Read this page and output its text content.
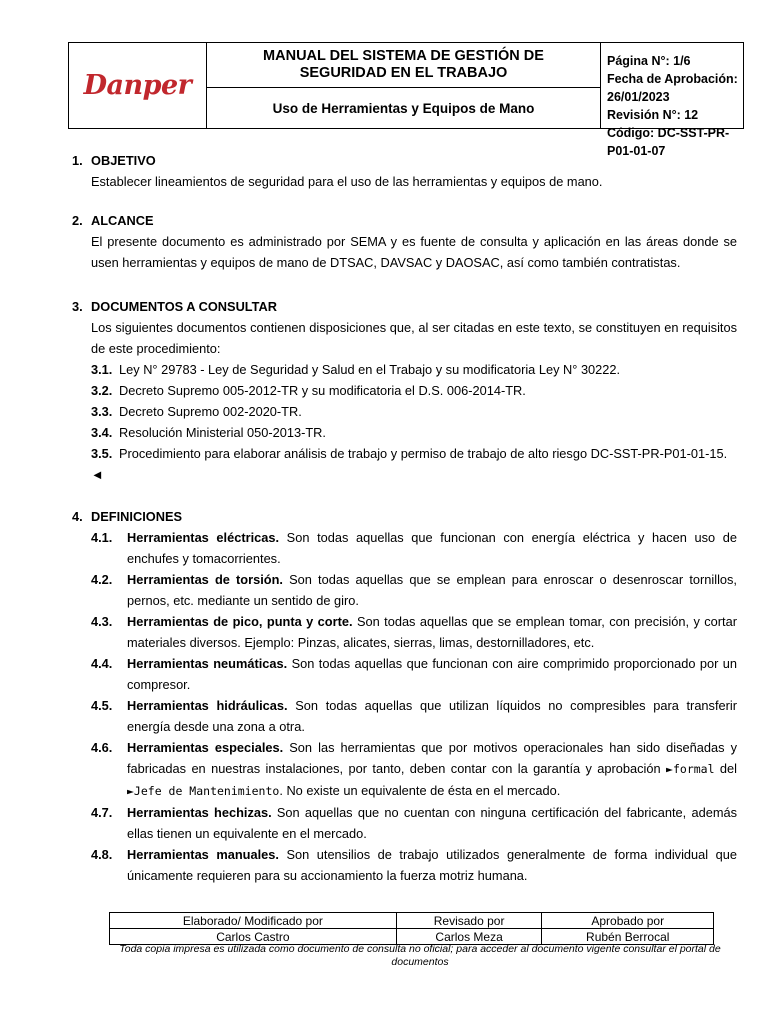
Danper
MANUAL DEL SISTEMA DE GESTIÓN DE
SEGURIDAD EN EL TRABAJO
Uso de Herramientas y Equipos de Mano
Página N°: 1/6
Fecha de Aprobación: 26/01/2023
Revisión N°: 12
Código: DC-SST-PR-P01-01-07
1. OBJETIVO
Establecer lineamientos de seguridad para el uso de las herramientas y equipos de mano.
2. ALCANCE
El presente documento es administrado por SEMA y es fuente de consulta y aplicación en las áreas donde se usen herramientas y equipos de mano de DTSAC, DAVSAC y DAOSAC, así como también contratistas.
3. DOCUMENTOS A CONSULTAR
Los siguientes documentos contienen disposiciones que, al ser citadas en este texto, se constituyen en requisitos de este procedimiento:
3.1. Ley N° 29783 - Ley de Seguridad y Salud en el Trabajo y su modificatoria Ley N° 30222.
3.2. Decreto Supremo 005-2012-TR y su modificatoria el D.S. 006-2014-TR.
3.3. Decreto Supremo 002-2020-TR.
3.4. Resolución Ministerial 050-2013-TR.
3.5. Procedimiento para elaborar análisis de trabajo y permiso de trabajo de alto riesgo DC-SST-PR-P01-01-15.
◄
4. DEFINICIONES
4.1.	Herramientas eléctricas. Son todas aquellas que funcionan con energía eléctrica y hacen uso de enchufes y tomacorrientes.
4.2.	Herramientas de torsión. Son todas aquellas que se emplean para enroscar o desenroscar tornillos, pernos, etc. mediante un sentido de giro.
4.3.	Herramientas de pico, punta y corte. Son todas aquellas que se emplean tomar, con precisión, y cortar materiales diversos. Ejemplo: Pinzas, alicates, sierras, limas, destornilladores, etc.
4.4.	Herramientas neumáticas. Son todas aquellas que funcionan con aire comprimido proporcionado por un compresor.
4.5.	Herramientas hidráulicas. Son todas aquellas que utilizan líquidos no compresibles para transferir energía desde una zona a otra.
4.6.	Herramientas especiales. Son las herramientas que por motivos operacionales han sido diseñadas y fabricadas en nuestras instalaciones, por tanto, deben contar con la garantía y aprobación ►formal del ►Jefe de Mantenimiento. No existe un equivalente de ésta en el mercado.
4.7.	Herramientas hechizas. Son aquellas que no cuentan con ninguna certificación del fabricante, además ellas tienen un equivalente en el mercado.
4.8.	Herramientas manuales. Son utensilios de trabajo utilizados generalmente de forma individual que únicamente requieren para su accionamiento la fuerza motriz humana.
Elaborado/ Modificado por	Revisado por	Aprobado por
Carlos Castro	Carlos Meza	Rubén Berrocal
Toda copia impresa es utilizada como documento de consulta no oficial; para acceder al documento vigente consultar el portal de documentos
